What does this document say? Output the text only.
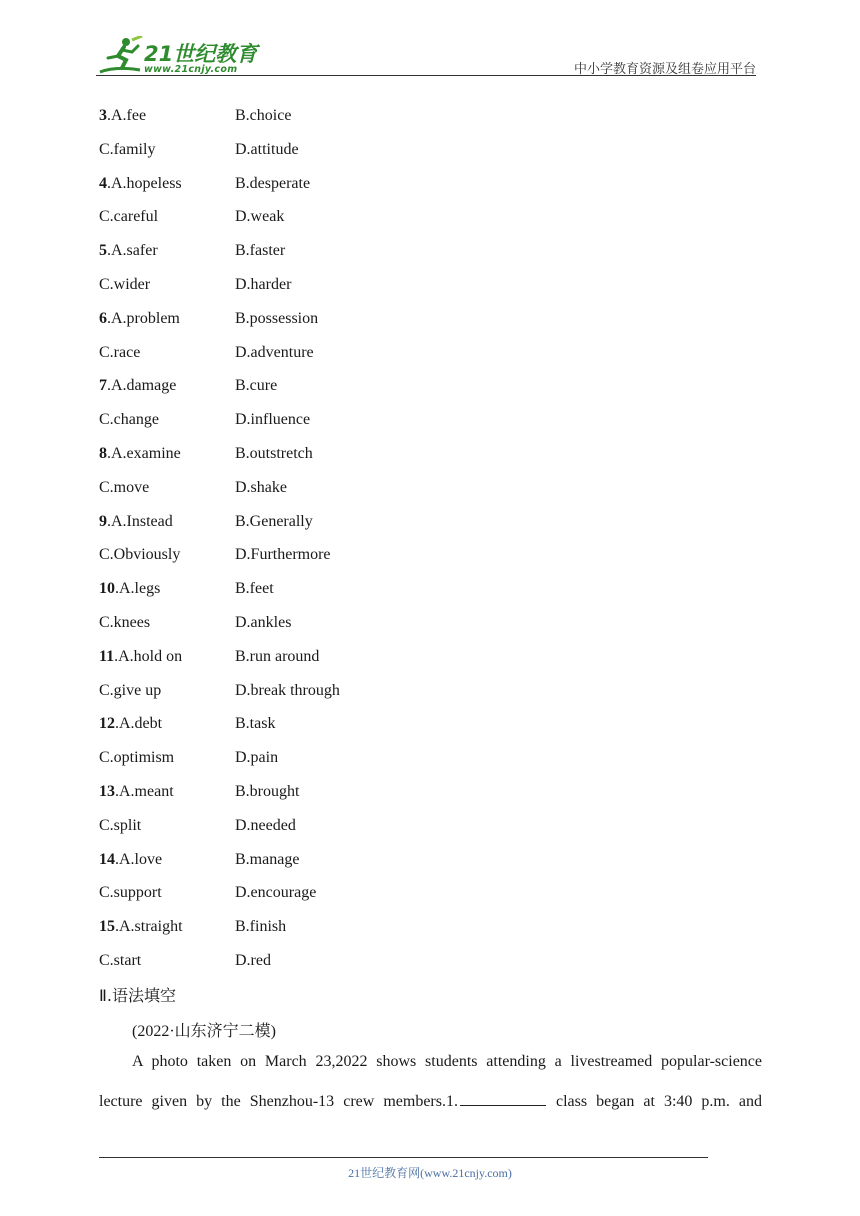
21世纪教育
www.21cnjy.com	中小学教育资源及组卷应用平台
3.A.fee	B.choice
C.family	D.attitude
4.A.hopeless	B.desperate
C.careful	D.weak
5.A.safer	B.faster
C.wider	D.harder
6.A.problem	B.possession
C.race	D.adventure
7.A.damage	B.cure
C.change	D.influence
8.A.examine	B.outstretch
C.move	D.shake
9.A.Instead	B.Generally
C.Obviously	D.Furthermore
10.A.legs	B.feet
C.knees	D.ankles
11.A.hold on	B.run around
C.give up	D.break through
12.A.debt	B.task
C.optimism	D.pain
13.A.meant	B.brought
C.split	D.needed
14.A.love	B.manage
C.support	D.encourage
15.A.straight	B.finish
C.start	D.red
Ⅱ.语法填空
(2022·山东济宁二模)
A photo taken on March 23,2022 shows students attending a livestreamed popular-science
lecture given by the Shenzhou-13 crew members.1.	class began at 3:40 p.m. and
21世纪教育网(www.21cnjy.com)
